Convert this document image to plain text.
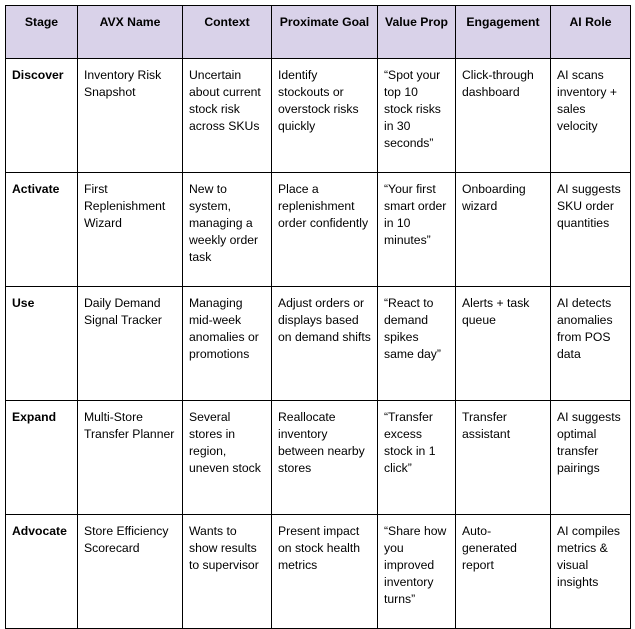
Stage	AVX Name	Context	Proximate Goal	Value Prop	Engagement	AI Role
Discover	Inventory Risk Snapshot	Uncertain about current stock risk across SKUs	Identify stockouts or overstock risks quickly	“Spot your top 10 stock risks in 30 seconds”	Click-through dashboard	AI scans inventory + sales velocity
Activate	First Replenishment Wizard	New to system, managing a weekly order task	Place a replenishment order confidently	“Your first smart order in 10 minutes”	Onboarding wizard	AI suggests SKU order quantities
Use	Daily Demand Signal Tracker	Managing mid-week anomalies or promotions	Adjust orders or displays based on demand shifts	“React to demand spikes same day”	Alerts + task queue	AI detects anomalies from POS data
Expand	Multi-Store Transfer Planner	Several stores in region, uneven stock	Reallocate inventory between nearby stores	“Transfer excess stock in 1 click”	Transfer assistant	AI suggests optimal transfer pairings
Advocate	Store Efficiency Scorecard	Wants to show results to supervisor	Present impact on stock health metrics	“Share how you improved inventory turns”	Auto-generated report	AI compiles metrics & visual insights
